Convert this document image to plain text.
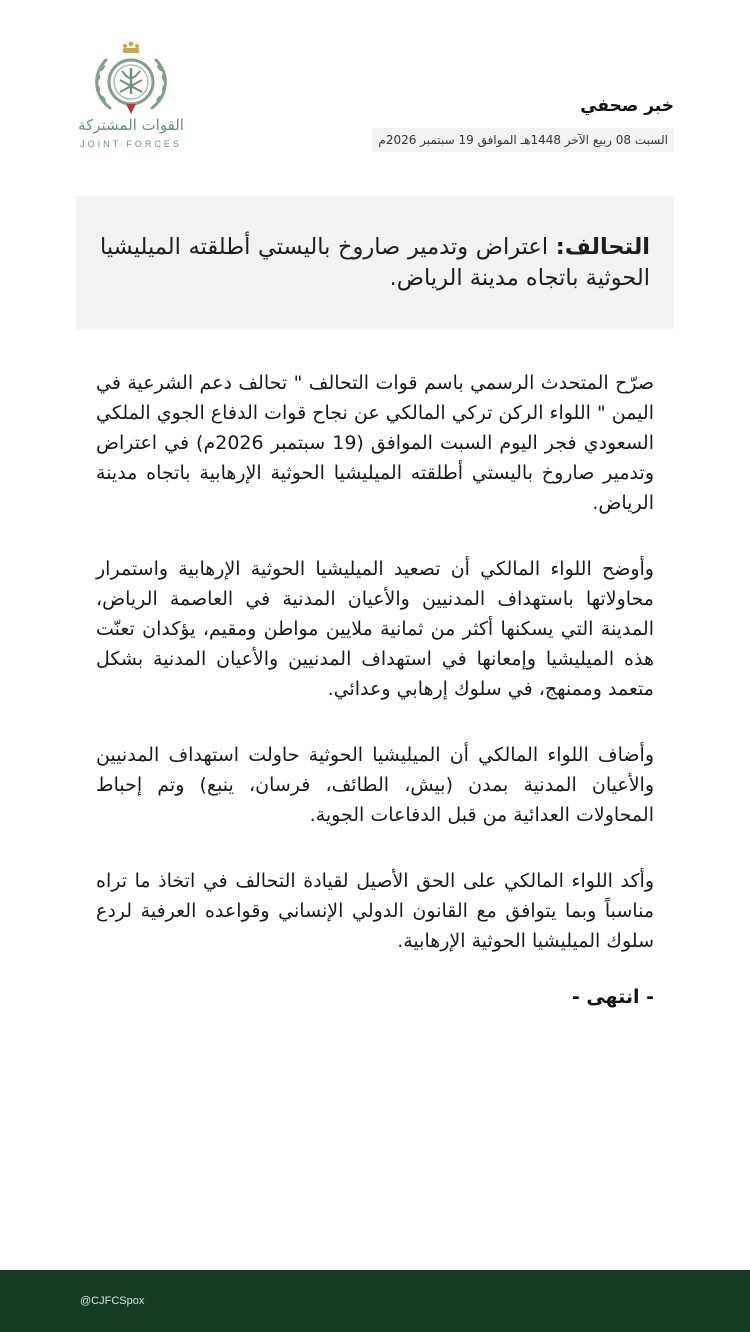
القوات المشتركة
JOINT FORCES
خبر صحفي
السبت 08 ربيع الآخر 1448هـ الموافق 19 سبتمبر 2026م
التحالف: اعتراض وتدمير صاروخ باليستي أطلقته الميليشيا الحوثية باتجاه مدينة الرياض.

صرّح المتحدث الرسمي باسم قوات التحالف " تحالف دعم الشرعية في اليمن " اللواء الركن تركي المالكي عن نجاح قوات الدفاع الجوي الملكي السعودي فجر اليوم السبت الموافق (19 سبتمبر 2026م) في اعتراض وتدمير صاروخ باليستي أطلقته الميليشيا الحوثية الإرهابية باتجاه مدينة الرياض.

وأوضح اللواء المالكي أن تصعيد الميليشيا الحوثية الإرهابية واستمرار محاولاتها باستهداف المدنيين والأعيان المدنية في العاصمة الرياض، المدينة التي يسكنها أكثر من ثمانية ملايين مواطن ومقيم، يؤكدان تعنّت هذه الميليشيا وإمعانها في استهداف المدنيين والأعيان المدنية بشكل متعمد وممنهج، في سلوك إرهابي وعدائي.

وأضاف اللواء المالكي أن الميليشيا الحوثية حاولت استهداف المدنيين والأعيان المدنية بمدن (بيش، الطائف، فرسان، ينبع) وتم إحباط المحاولات العدائية من قبل الدفاعات الجوية.

وأكد اللواء المالكي على الحق الأصيل لقيادة التحالف في اتخاذ ما تراه مناسباً وبما يتوافق مع القانون الدولي الإنساني وقواعده العرفية لردع سلوك الميليشيا الحوثية الإرهابية.

- انتهى -
@CJFCSpox
